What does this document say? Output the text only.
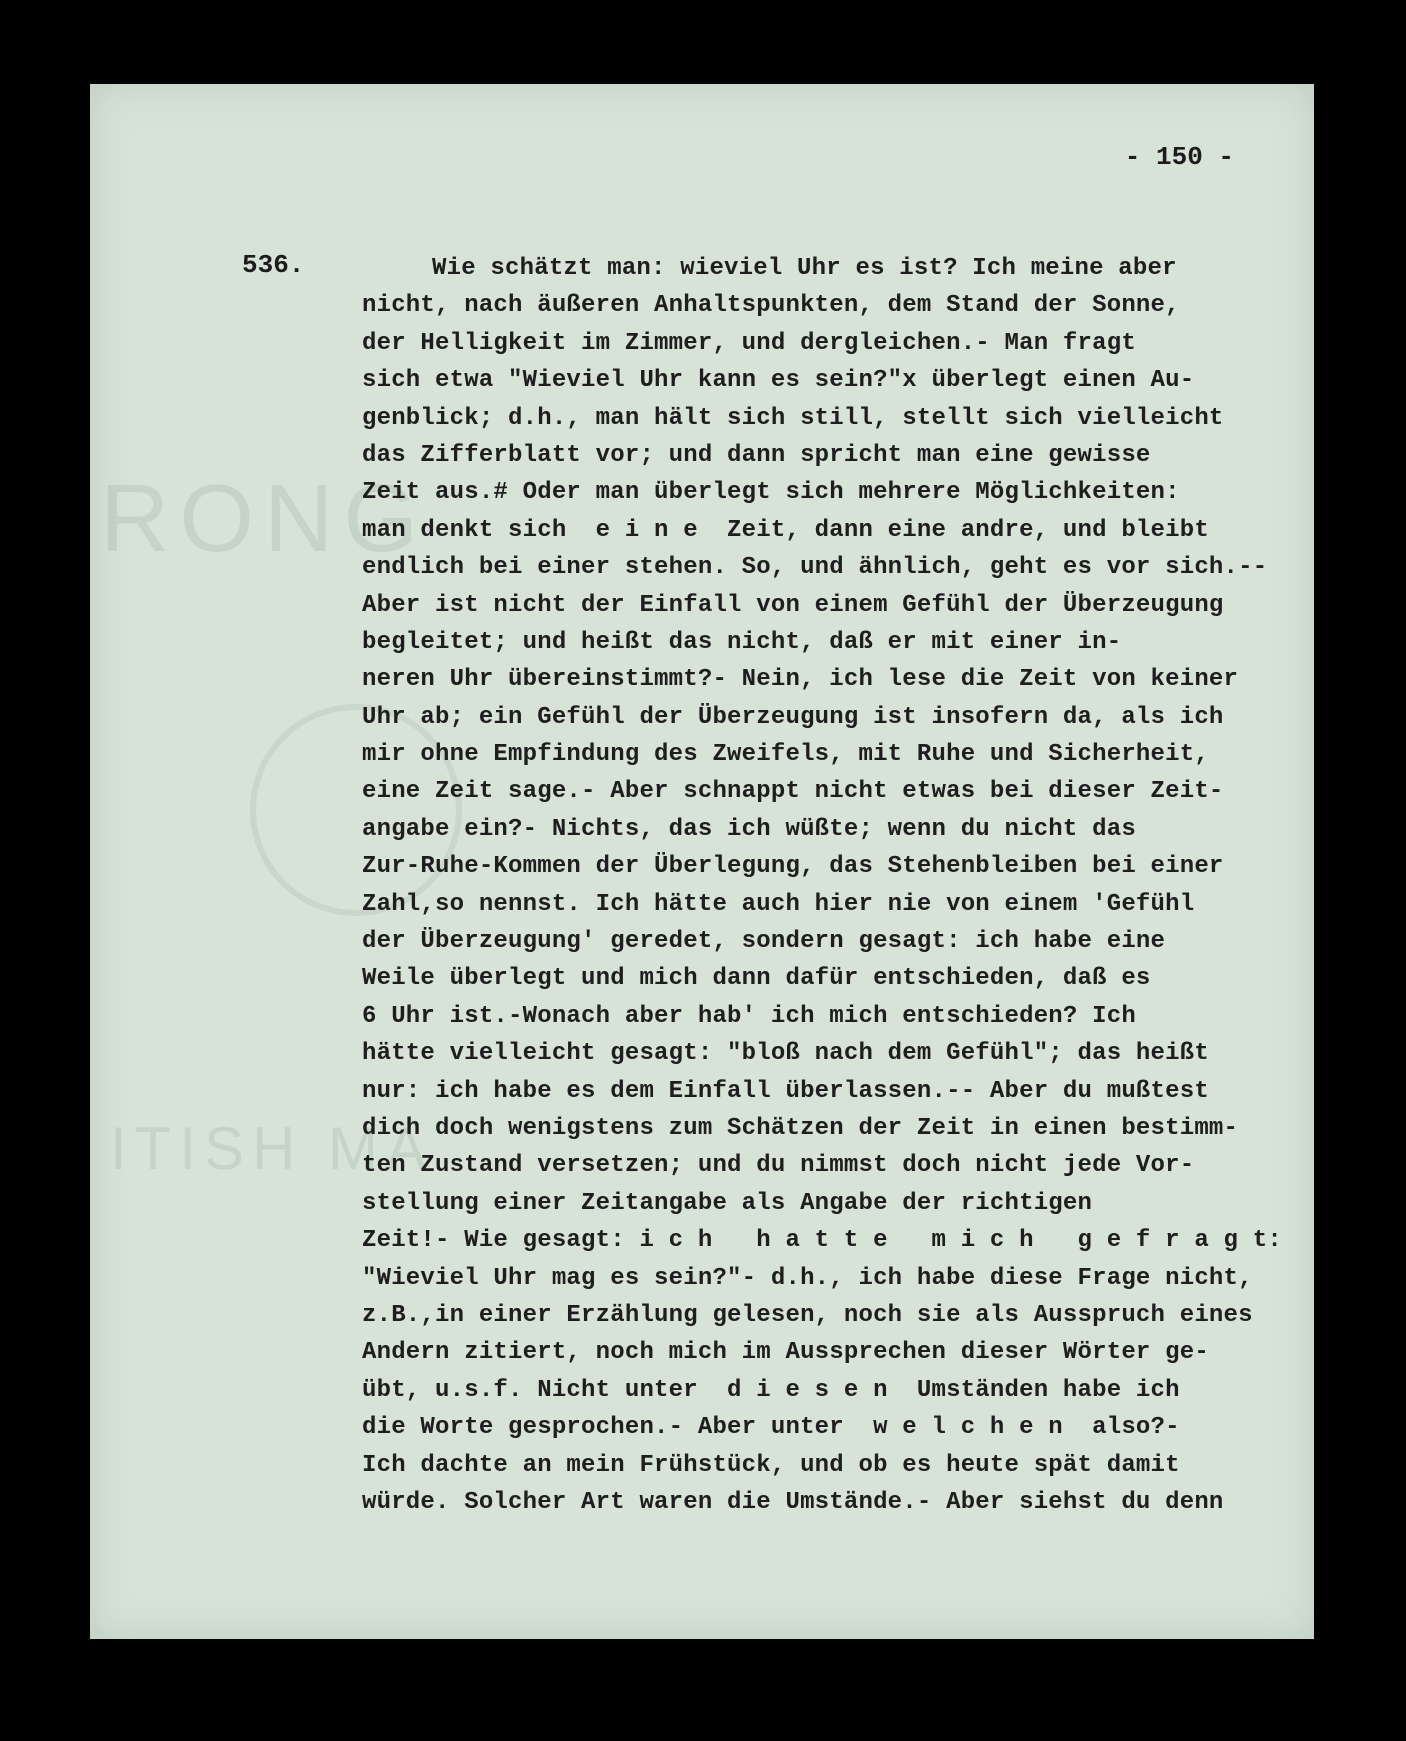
RONG
ITISH MA
- 150 -
536.	Wie schätzt man: wieviel Uhr es ist? Ich meine aber
nicht, nach äußeren Anhaltspunkten, dem Stand der Sonne,
der Helligkeit im Zimmer, und dergleichen.- Man fragt
sich etwa "Wieviel Uhr kann es sein?"x überlegt einen Au-
genblick; d.h., man hält sich still, stellt sich vielleicht
das Zifferblatt vor; und dann spricht man eine gewisse
Zeit aus.# Oder man überlegt sich mehrere Möglichkeiten:
man denkt sich  e i n e  Zeit, dann eine andre, und bleibt
endlich bei einer stehen. So, und ähnlich, geht es vor sich.--
Aber ist nicht der Einfall von einem Gefühl der Überzeugung
begleitet; und heißt das nicht, daß er mit einer in-
neren Uhr übereinstimmt?- Nein, ich lese die Zeit von keiner
Uhr ab; ein Gefühl der Überzeugung ist insofern da, als ich
mir ohne Empfindung des Zweifels, mit Ruhe und Sicherheit,
eine Zeit sage.- Aber schnappt nicht etwas bei dieser Zeit-
angabe ein?- Nichts, das ich wüßte; wenn du nicht das
Zur-Ruhe-Kommen der Überlegung, das Stehenbleiben bei einer
Zahl,so nennst. Ich hätte auch hier nie von einem 'Gefühl
der Überzeugung' geredet, sondern gesagt: ich habe eine
Weile überlegt und mich dann dafür entschieden, daß es
6 Uhr ist.-Wonach aber hab' ich mich entschieden? Ich
hätte vielleicht gesagt: "bloß nach dem Gefühl"; das heißt
nur: ich habe es dem Einfall überlassen.-- Aber du mußtest
dich doch wenigstens zum Schätzen der Zeit in einen bestimm-
ten Zustand versetzen; und du nimmst doch nicht jede Vor-
stellung einer Zeitangabe als Angabe der richtigen
Zeit!- Wie gesagt: i c h   h a t t e   m i c h   g e f r a g t:
"Wieviel Uhr mag es sein?"- d.h., ich habe diese Frage nicht,
z.B.,in einer Erzählung gelesen, noch sie als Ausspruch eines
Andern zitiert, noch mich im Aussprechen dieser Wörter ge-
übt, u.s.f. Nicht unter  d i e s e n  Umständen habe ich
die Worte gesprochen.- Aber unter  w e l c h e n  also?-
Ich dachte an mein Frühstück, und ob es heute spät damit
würde. Solcher Art waren die Umstände.- Aber siehst du denn
